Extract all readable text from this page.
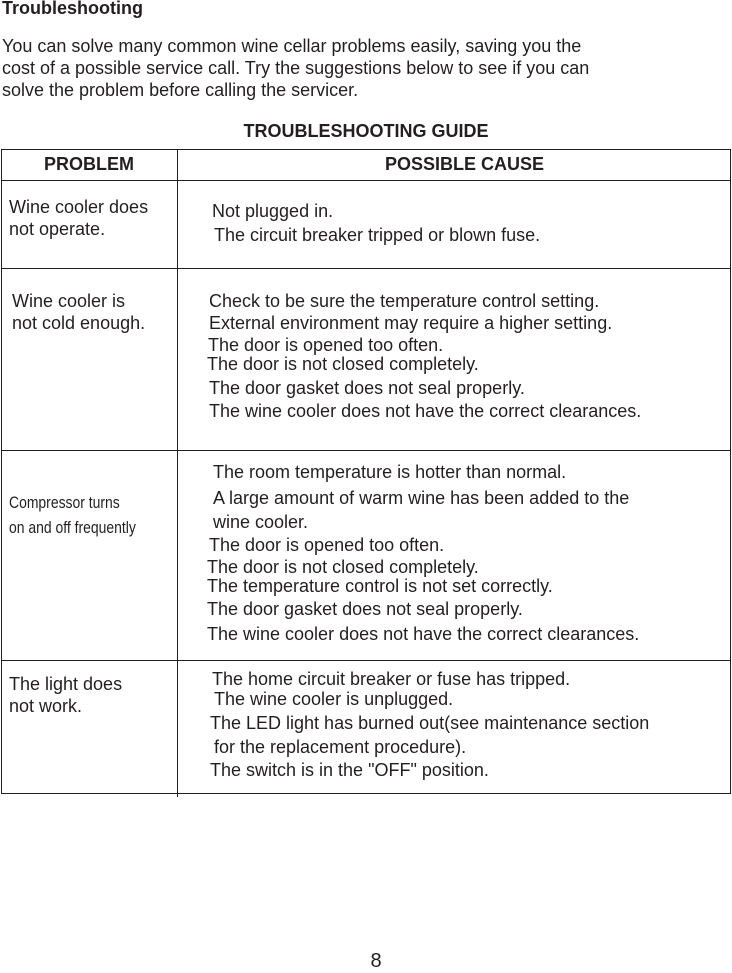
Troubleshooting
You can solve many common wine cellar problems easily, saving you the
cost of a possible service call. Try the suggestions below to see if you can
solve the problem before calling the servicer.
TROUBLESHOOTING GUIDE
PROBLEM	POSSIBLE CAUSE
Wine cooler does
not operate.
Not plugged in.
The circuit breaker tripped or blown fuse.
Wine cooler is
not cold enough.
Check to be sure the temperature control setting.
External environment may require a higher setting.
The door is opened too often.
The door is not closed completely.
The door gasket does not seal properly.
The wine cooler does not have the correct clearances.
Compressor turns
on and off frequently
The room temperature is hotter than normal.
A large amount of warm wine has been added to the
wine cooler.
The door is opened too often.
The door is not closed completely.
The temperature control is not set correctly.
The door gasket does not seal properly.
The wine cooler does not have the correct clearances.
The light does
not work.
The home circuit breaker or fuse has tripped.
The wine cooler is unplugged.
The LED light has burned out(see maintenance section
for the replacement procedure).
The switch is in the "OFF" position.
8
